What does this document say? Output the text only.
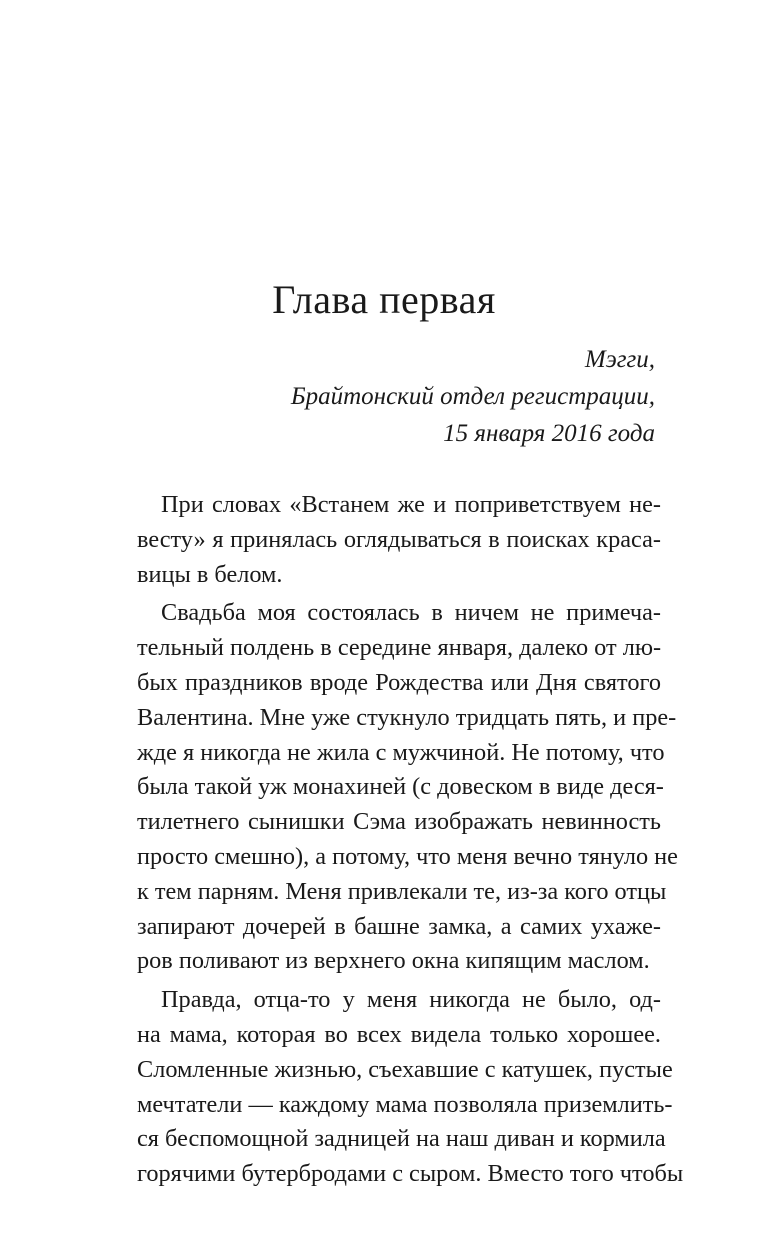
Глава первая
Мэгги,
Брайтонский отдел регистрации,
15 января 2016 года
При словах «Встанем же и поприветствуем не-
весту» я принялась оглядываться в поисках краса-
вицы в белом.
Свадьба моя состоялась в ничем не примеча-
тельный полдень в середине января, далеко от лю-
бых праздников вроде Рождества или Дня святого
Валентина. Мне уже стукнуло тридцать пять, и пре-
жде я никогда не жила с мужчиной. Не потому, что
была такой уж монахиней (с довеском в виде деся-
тилетнего сынишки Сэма изображать невинность
просто смешно), а потому, что меня вечно тянуло не
к тем парням. Меня привлекали те, из-за кого отцы
запирают дочерей в башне замка, а самих ухаже-
ров поливают из верхнего окна кипящим маслом.
Правда, отца-то у меня никогда не было, од-
на мама, которая во всех видела только хорошее.
Сломленные жизнью, съехавшие с катушек, пустые
мечтатели — каждому мама позволяла приземлить-
ся беспомощной задницей на наш диван и кормила
горячими бутербродами с сыром. Вместо того чтобы
